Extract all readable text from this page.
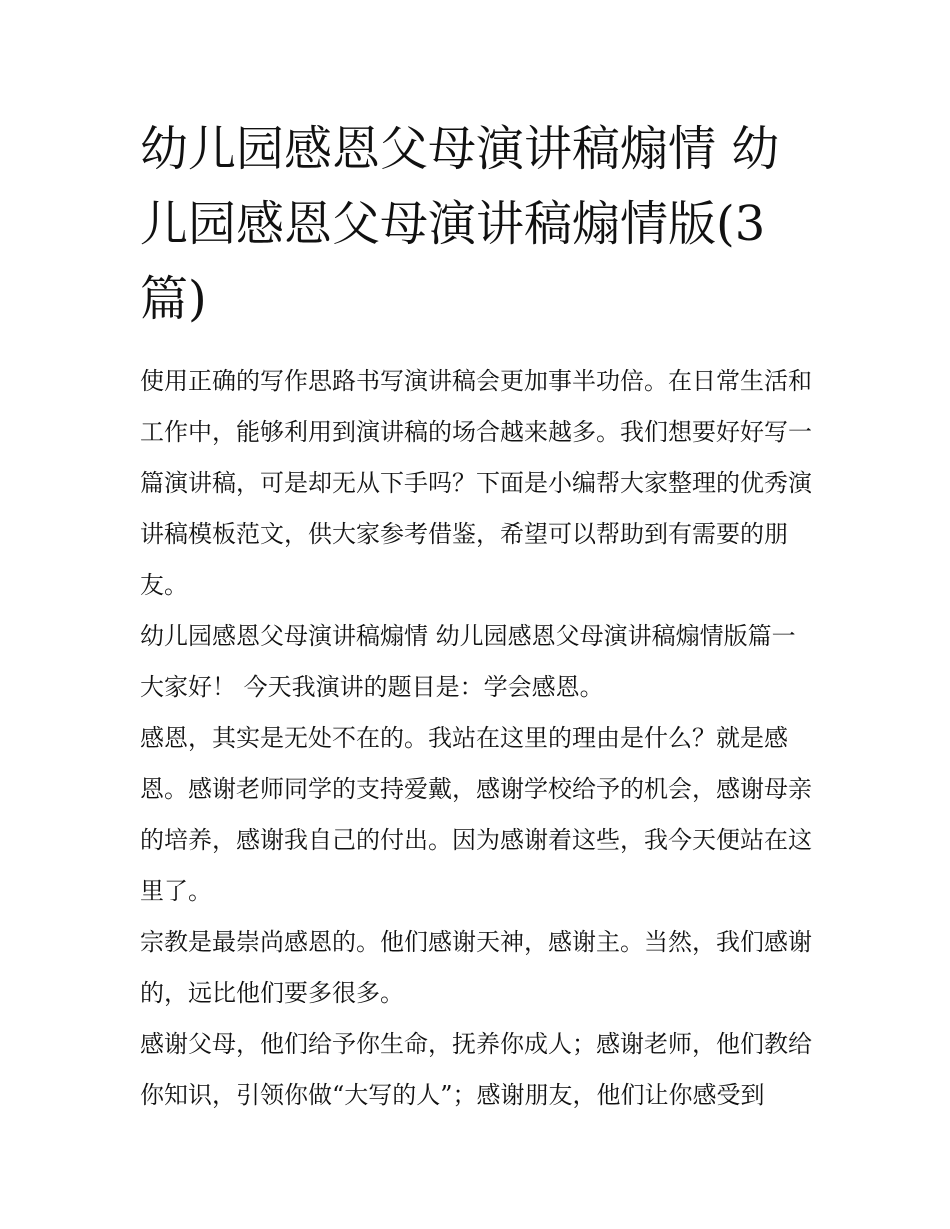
幼儿园感恩父母演讲稿煽情 幼儿园感恩父母演讲稿煽情版(3篇)

使用正确的写作思路书写演讲稿会更加事半功倍。在日常生活和工作中，能够利用到演讲稿的场合越来越多。我们想要好好写一篇演讲稿，可是却无从下手吗？下面是小编帮大家整理的优秀演讲稿模板范文，供大家参考借鉴，希望可以帮助到有需要的朋友。

幼儿园感恩父母演讲稿煽情 幼儿园感恩父母演讲稿煽情版篇一 大家好！ 今天我演讲的题目是：学会感恩。

感恩，其实是无处不在的。我站在这里的理由是什么？就是感恩。感谢老师同学的支持爱戴，感谢学校给予的机会，感谢母亲的培养，感谢我自己的付出。因为感谢着这些，我今天便站在这里了。

宗教是最崇尚感恩的。他们感谢天神，感谢主。当然，我们感谢的，远比他们要多很多。

感谢父母，他们给予你生命，抚养你成人；感谢老师，他们教给你知识，引领你做“大写的人”；感谢朋友，他们让你感受到
